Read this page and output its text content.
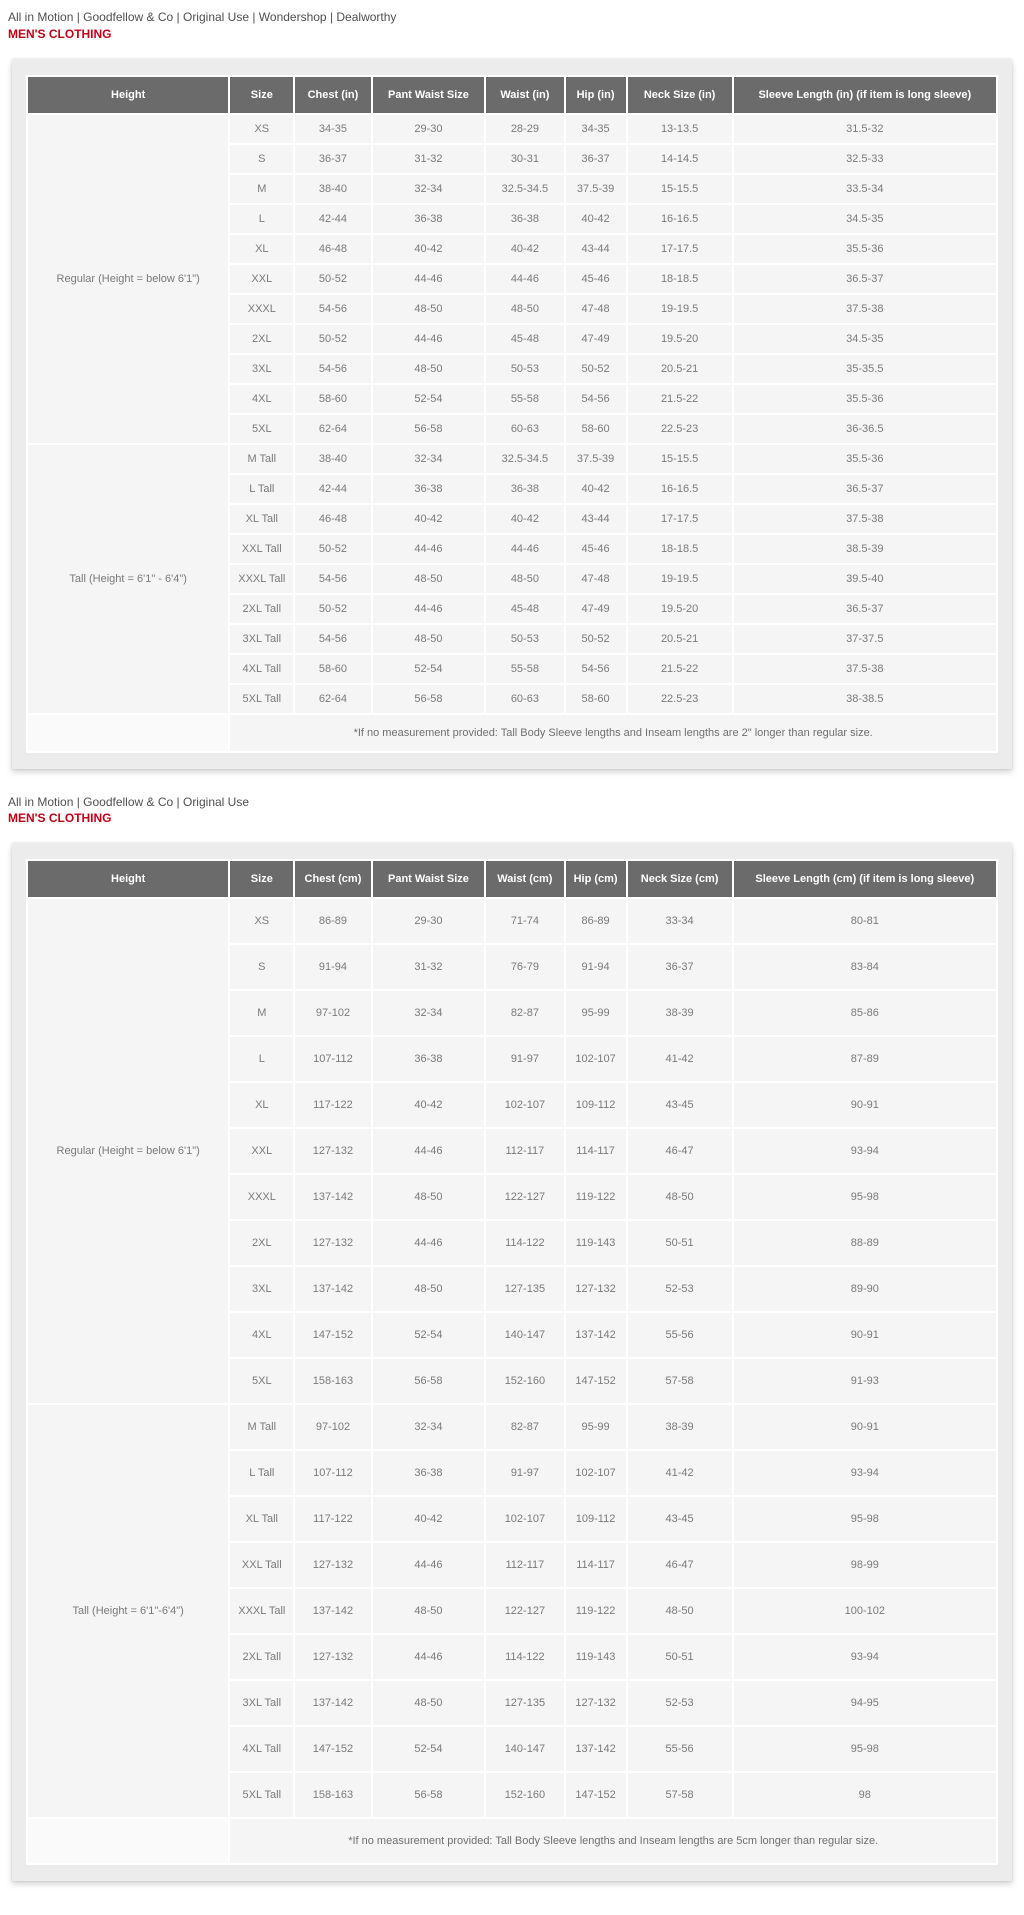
All in Motion | Goodfellow & Co | Original Use | Wondershop | Dealworthy
MEN'S CLOTHING
Height	Size	Chest (in)	Pant Waist Size	Waist (in)	Hip (in)	Neck Size (in)	Sleeve Length (in) (if item is long sleeve)
Regular (Height = below 6'1")	XS	34-35	29-30	28-29	34-35	13-13.5	31.5-32
	S	36-37	31-32	30-31	36-37	14-14.5	32.5-33
	M	38-40	32-34	32.5-34.5	37.5-39	15-15.5	33.5-34
	L	42-44	36-38	36-38	40-42	16-16.5	34.5-35
	XL	46-48	40-42	40-42	43-44	17-17.5	35.5-36
	XXL	50-52	44-46	44-46	45-46	18-18.5	36.5-37
	XXXL	54-56	48-50	48-50	47-48	19-19.5	37.5-38
	2XL	50-52	44-46	45-48	47-49	19.5-20	34.5-35
	3XL	54-56	48-50	50-53	50-52	20.5-21	35-35.5
	4XL	58-60	52-54	55-58	54-56	21.5-22	35.5-36
	5XL	62-64	56-58	60-63	58-60	22.5-23	36-36.5
Tall (Height = 6'1" - 6'4")	M Tall	38-40	32-34	32.5-34.5	37.5-39	15-15.5	35.5-36
	L Tall	42-44	36-38	36-38	40-42	16-16.5	36.5-37
	XL Tall	46-48	40-42	40-42	43-44	17-17.5	37.5-38
	XXL Tall	50-52	44-46	44-46	45-46	18-18.5	38.5-39
	XXXL Tall	54-56	48-50	48-50	47-48	19-19.5	39.5-40
	2XL Tall	50-52	44-46	45-48	47-49	19.5-20	36.5-37
	3XL Tall	54-56	48-50	50-53	50-52	20.5-21	37-37.5
	4XL Tall	58-60	52-54	55-58	54-56	21.5-22	37.5-38
	5XL Tall	62-64	56-58	60-63	58-60	22.5-23	38-38.5
	*If no measurement provided: Tall Body Sleeve lengths and Inseam lengths are 2" longer than regular size.						
All in Motion | Goodfellow & Co | Original Use
MEN'S CLOTHING
Height	Size	Chest (cm)	Pant Waist Size	Waist (cm)	Hip (cm)	Neck Size (cm)	Sleeve Length (cm) (if item is long sleeve)
Regular (Height = below 6'1")	XS	86-89	29-30	71-74	86-89	33-34	80-81
	S	91-94	31-32	76-79	91-94	36-37	83-84
	M	97-102	32-34	82-87	95-99	38-39	85-86
	L	107-112	36-38	91-97	102-107	41-42	87-89
	XL	117-122	40-42	102-107	109-112	43-45	90-91
	XXL	127-132	44-46	112-117	114-117	46-47	93-94
	XXXL	137-142	48-50	122-127	119-122	48-50	95-98
	2XL	127-132	44-46	114-122	119-143	50-51	88-89
	3XL	137-142	48-50	127-135	127-132	52-53	89-90
	4XL	147-152	52-54	140-147	137-142	55-56	90-91
	5XL	158-163	56-58	152-160	147-152	57-58	91-93
Tall (Height = 6'1"-6'4")	M Tall	97-102	32-34	82-87	95-99	38-39	90-91
	L Tall	107-112	36-38	91-97	102-107	41-42	93-94
	XL Tall	117-122	40-42	102-107	109-112	43-45	95-98
	XXL Tall	127-132	44-46	112-117	114-117	46-47	98-99
	XXXL Tall	137-142	48-50	122-127	119-122	48-50	100-102
	2XL Tall	127-132	44-46	114-122	119-143	50-51	93-94
	3XL Tall	137-142	48-50	127-135	127-132	52-53	94-95
	4XL Tall	147-152	52-54	140-147	137-142	55-56	95-98
	5XL Tall	158-163	56-58	152-160	147-152	57-58	98
	*If no measurement provided: Tall Body Sleeve lengths and Inseam lengths are 5cm longer than regular size.						
